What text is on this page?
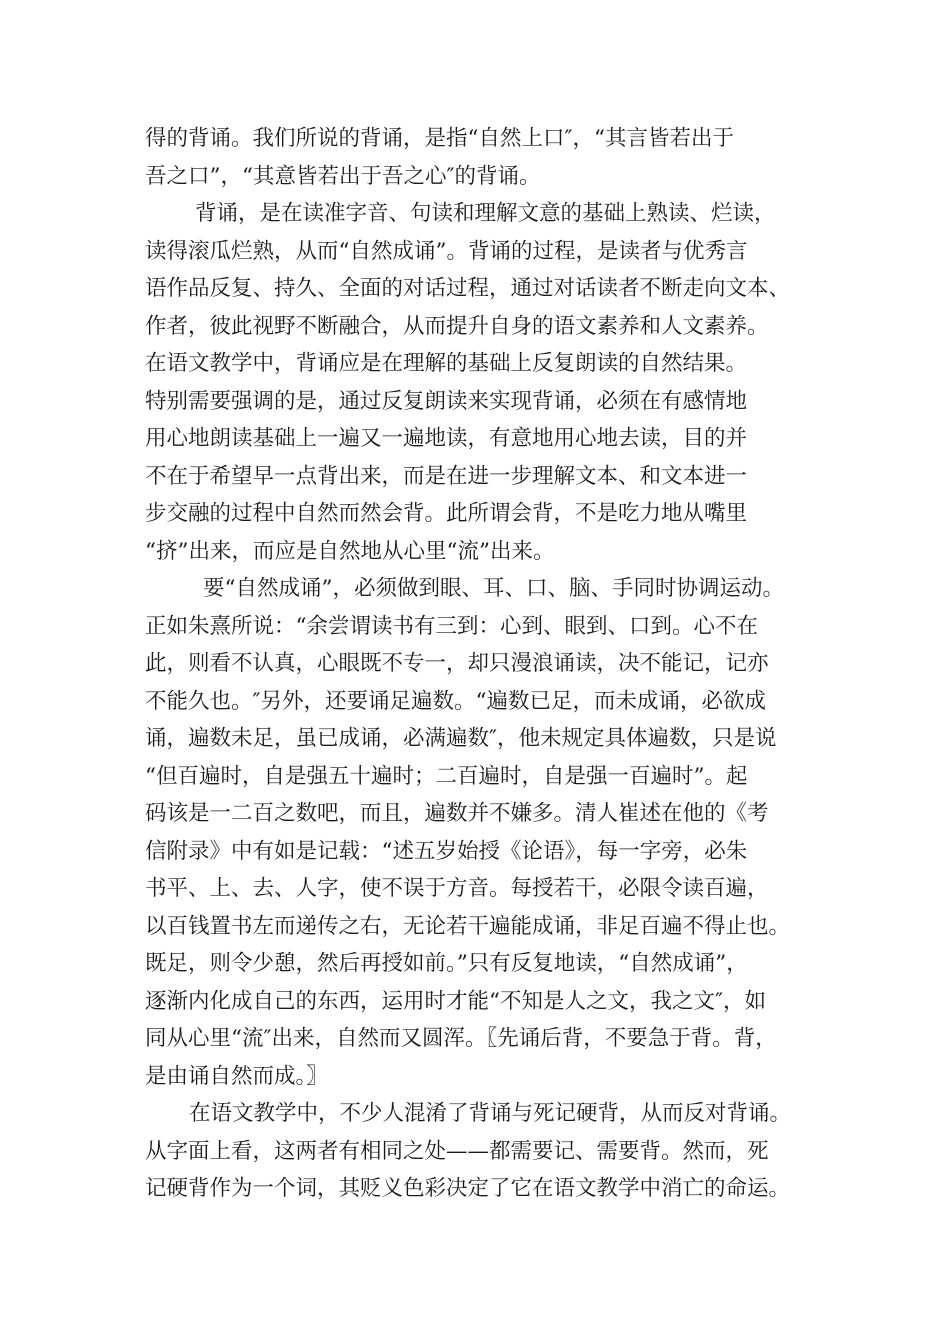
得的背诵。我们所说的背诵，是指“自然上口″，“其言皆若出于
吾之口”，“其意皆若出于吾之心″的背诵。
背诵，是在读准字音、句读和理解文意的基础上熟读、烂读，
读得滚瓜烂熟，从而“自然成诵”。背诵的过程，是读者与优秀言
语作品反复、持久、全面的对话过程，通过对话读者不断走向文本、
作者，彼此视野不断融合，从而提升自身的语文素养和人文素养。
在语文教学中，背诵应是在理解的基础上反复朗读的自然结果。
特别需要强调的是，通过反复朗读来实现背诵，必须在有感情地
用心地朗读基础上一遍又一遍地读，有意地用心地去读，目的并
不在于希望早一点背出来，而是在进一步理解文本、和文本进一
步交融的过程中自然而然会背。此所谓会背，不是吃力地从嘴里
“挤”出来，而应是自然地从心里“流”出来。
要“自然成诵”，必须做到眼、耳、口、脑、手同时协调运动。
正如朱熹所说：“余尝谓读书有三到：心到、眼到、口到。心不在
此，则看不认真，心眼既不专一，却只漫浪诵读，决不能记，记亦
不能久也。″另外，还要诵足遍数。“遍数已足，而未成诵，必欲成
诵，遍数未足，虽已成诵，必满遍数″，他未规定具体遍数，只是说
“但百遍时，自是强五十遍时；二百遍时，自是强一百遍时”。起
码该是一二百之数吧，而且，遍数并不嫌多。清人崔述在他的《考
信附录》中有如是记载：“述五岁始授《论语》，每一字旁，必朱
书平、上、去、人字，使不误于方音。每授若干，必限令读百遍，
以百钱置书左而递传之右，无论若干遍能成诵，非足百遍不得止也。
既足，则令少憩，然后再授如前。”只有反复地读，“自然成诵”，
逐渐内化成自己的东西，运用时才能“不知是人之文，我之文″，如
同从心里“流″出来，自然而又圆浑。〖先诵后背，不要急于背。背，
是由诵自然而成。〗
在语文教学中，不少人混淆了背诵与死记硬背，从而反对背诵。
从字面上看，这两者有相同之处——都需要记、需要背。然而，死
记硬背作为一个词，其贬义色彩决定了它在语文教学中消亡的命运。
